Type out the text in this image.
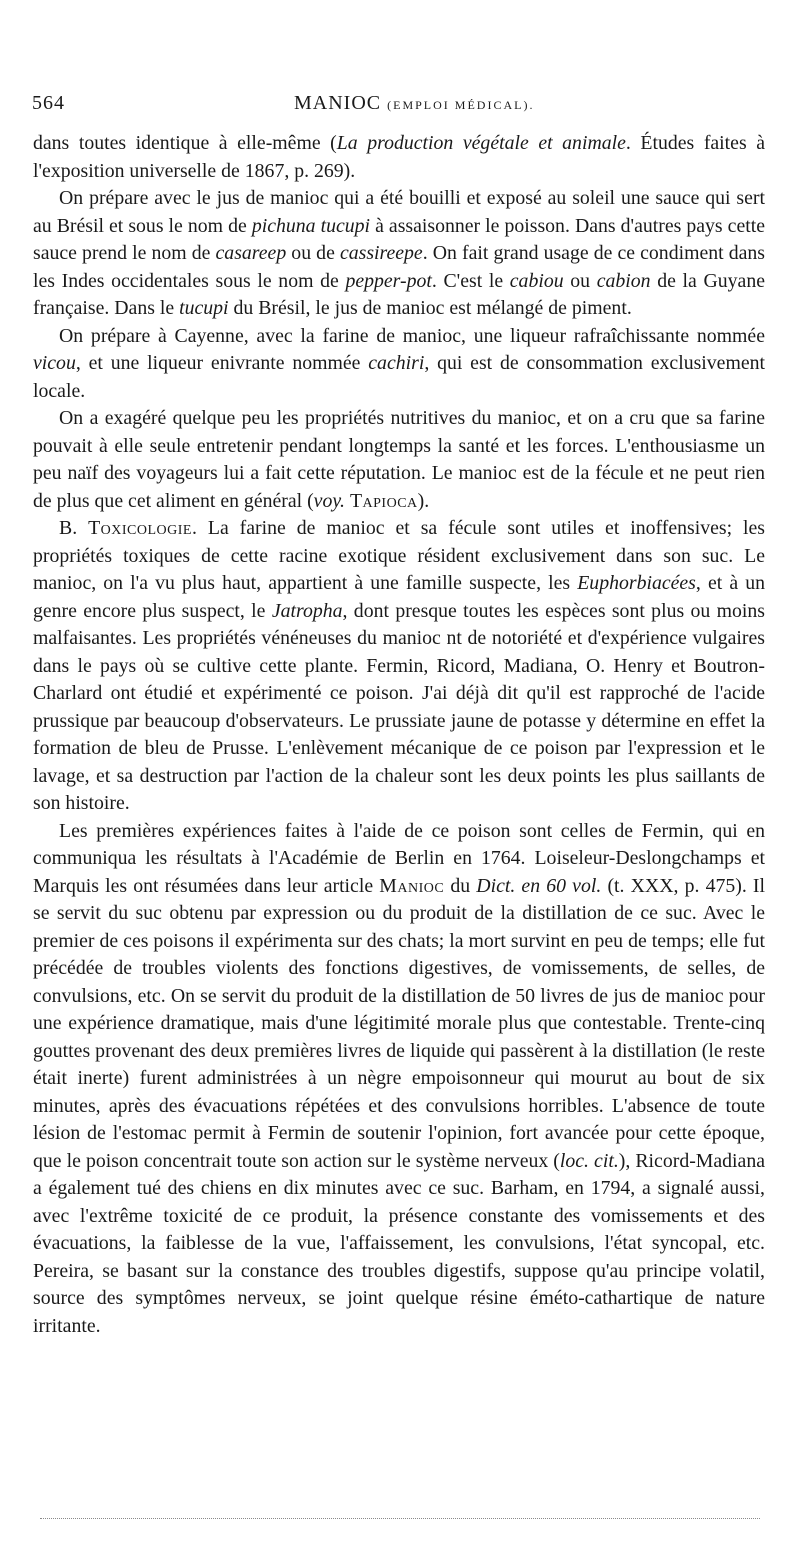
564	MANIOC (EMPLOI MÉDICAL).

dans toutes identique à elle-même (La production végétale et animale. Études faites à l'exposition universelle de 1867, p. 269).

On prépare avec le jus de manioc qui a été bouilli et exposé au soleil une sauce qui sert au Brésil et sous le nom de pichuna tucupi à assaisonner le poisson. Dans d'autres pays cette sauce prend le nom de casareep ou de cassireepe. On fait grand usage de ce condiment dans les Indes occidentales sous le nom de pepper-pot. C'est le cabiou ou cabion de la Guyane française. Dans le tucupi du Brésil, le jus de manioc est mélangé de piment.

On prépare à Cayenne, avec la farine de manioc, une liqueur rafraîchissante nommée vicou, et une liqueur enivrante nommée cachiri, qui est de consommation exclusivement locale.

On a exagéré quelque peu les propriétés nutritives du manioc, et on a cru que sa farine pouvait à elle seule entretenir pendant longtemps la santé et les forces. L'enthousiasme un peu naïf des voyageurs lui a fait cette réputation. Le manioc est de la fécule et ne peut rien de plus que cet aliment en général (voy. Tapioca).

B. Toxicologie. La farine de manioc et sa fécule sont utiles et inoffensives; les propriétés toxiques de cette racine exotique résident exclusivement dans son suc. Le manioc, on l'a vu plus haut, appartient à une famille suspecte, les Euphorbiacées, et à un genre encore plus suspect, le Jatropha, dont presque toutes les espèces sont plus ou moins malfaisantes. Les propriétés vénéneuses du manioc nt de notoriété et d'expérience vulgaires dans le pays où se cultive cette plante. Fermin, Ricord, Madiana, O. Henry et Boutron-Charlard ont étudié et expérimenté ce poison. J'ai déjà dit qu'il est rapproché de l'acide prussique par beaucoup d'observateurs. Le prussiate jaune de potasse y détermine en effet la formation de bleu de Prusse. L'enlèvement mécanique de ce poison par l'expression et le lavage, et sa destruction par l'action de la chaleur sont les deux points les plus saillants de son histoire.

Les premières expériences faites à l'aide de ce poison sont celles de Fermin, qui en communiqua les résultats à l'Académie de Berlin en 1764. Loiseleur-Deslongchamps et Marquis les ont résumées dans leur article Manioc du Dict. en 60 vol. (t. XXX, p. 475). Il se servit du suc obtenu par expression ou du produit de la distillation de ce suc. Avec le premier de ces poisons il expérimenta sur des chats; la mort survint en peu de temps; elle fut précédée de troubles violents des fonctions digestives, de vomissements, de selles, de convulsions, etc. On se servit du produit de la distillation de 50 livres de jus de manioc pour une expérience dramatique, mais d'une légitimité morale plus que contestable. Trente-cinq gouttes provenant des deux premières livres de liquide qui passèrent à la distillation (le reste était inerte) furent administrées à un nègre empoisonneur qui mourut au bout de six minutes, après des évacuations répétées et des convulsions horribles. L'absence de toute lésion de l'estomac permit à Fermin de soutenir l'opinion, fort avancée pour cette époque, que le poison concentrait toute son action sur le système nerveux (loc. cit.), Ricord-Madiana a également tué des chiens en dix minutes avec ce suc. Barham, en 1794, a signalé aussi, avec l'extrême toxicité de ce produit, la présence constante des vomissements et des évacuations, la faiblesse de la vue, l'affaissement, les convulsions, l'état syncopal, etc. Pereira, se basant sur la constance des troubles digestifs, suppose qu'au principe volatil, source des symptômes nerveux, se joint quelque résine éméto-cathartique de nature irritante.
